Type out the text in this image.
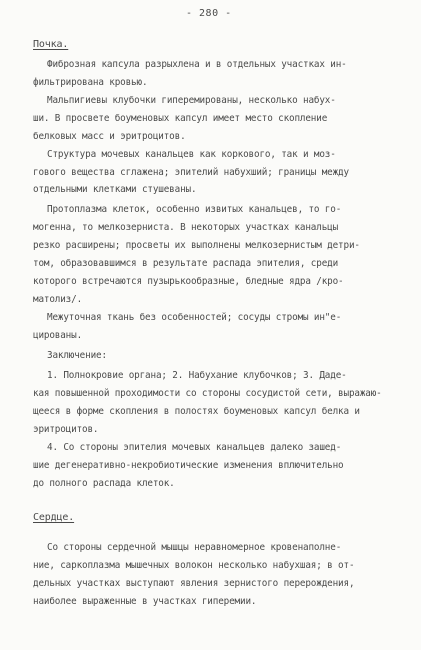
- 280 -
Почка.
Фиброзная капсула разрыхлена и в отдельных участках ин-
фильтрирована кровью.
Мальпигиевы клубочки гиперемированы, несколько набух-
ши. В просвете боуменовых капсул имеет место скопление
белковых масс и эритроцитов.
Структура мочевых канальцев как коркового, так и моз-
гового вещества сглажена; эпителий набухший; границы между
отдельными клетками стушеваны.
Протоплазма клеток, особенно извитых канальцев, то го-
могенна, то мелкозерниста. В некоторых участках канальцы
резко расширены; просветы их выполнены мелкозернистым детри-
том, образовавшимся в результате распада эпителия, среди
которого встречаются пузырькообразные, бледные ядра /кро-
матолиз/.
Межуточная ткань без особенностей; сосуды стромы ин"е-
цированы.
Заключение:
1. Полнокровие органа; 2. Набухание клубочков; 3. Даде-
кая повышенной проходимости со стороны сосудистой сети, выражаю-
щееся в форме скопления в полостях боуменовых капсул белка и
эритроцитов.
4. Со стороны эпителия мочевых канальцев далеко зашед-
шие дегенеративно-некробиотические изменения вплючительно
до полного распада клеток.
Сердце.
Со стороны сердечной мышцы неравномерное кровенаполне-
ние, саркоплазма мышечных волокон несколько набухшая; в от-
дельных участках выступают явления зернистого перерождения,
наиболее выраженные в участках гиперемии.
